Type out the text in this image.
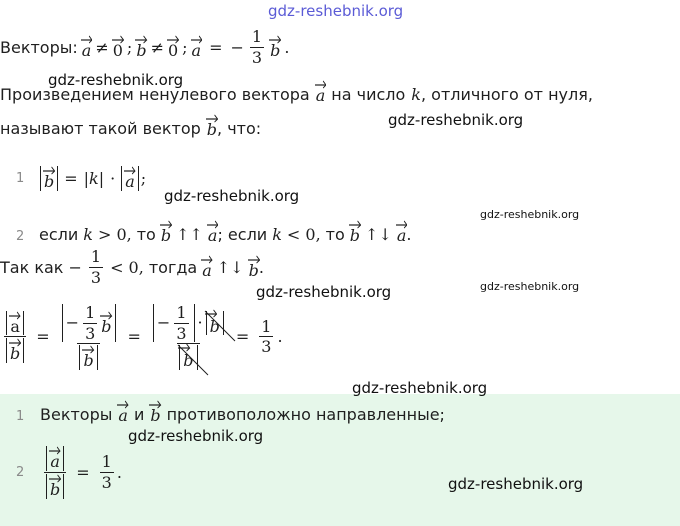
gdz-reshebnik.org
gdz-reshebnik.org
gdz-reshebnik.org
gdz-reshebnik.org
gdz-reshebnik.org
gdz-reshebnik.org
gdz-reshebnik.org
gdz-reshebnik.org
gdz-reshebnik.org
gdz-reshebnik.org
Векторы: a ≠ 0 ; b ≠ 0 ; a = − $\frac{1}{3}$ b .
Произведением ненулевого вектора a на число k , отличного от нуля,
называют такой вектор b , что:
1	b = |k| · a ;
2 если k > 0, то b ↑↑ a ; если k < 0, то b ↑↓ a .
Так как − $\frac{1}{3} < 0$, тогда a ↑↓ b .
$\frac{a}{b} = \frac{- \frac{1}{3} b}{b} = \frac{- \frac{1}{3} \cdot b}{b} = \frac{1}{3}$ .
1 Векторы a и b противоположно направленные;
2	$\frac{a}{b} = \frac{1}{3}$ .
